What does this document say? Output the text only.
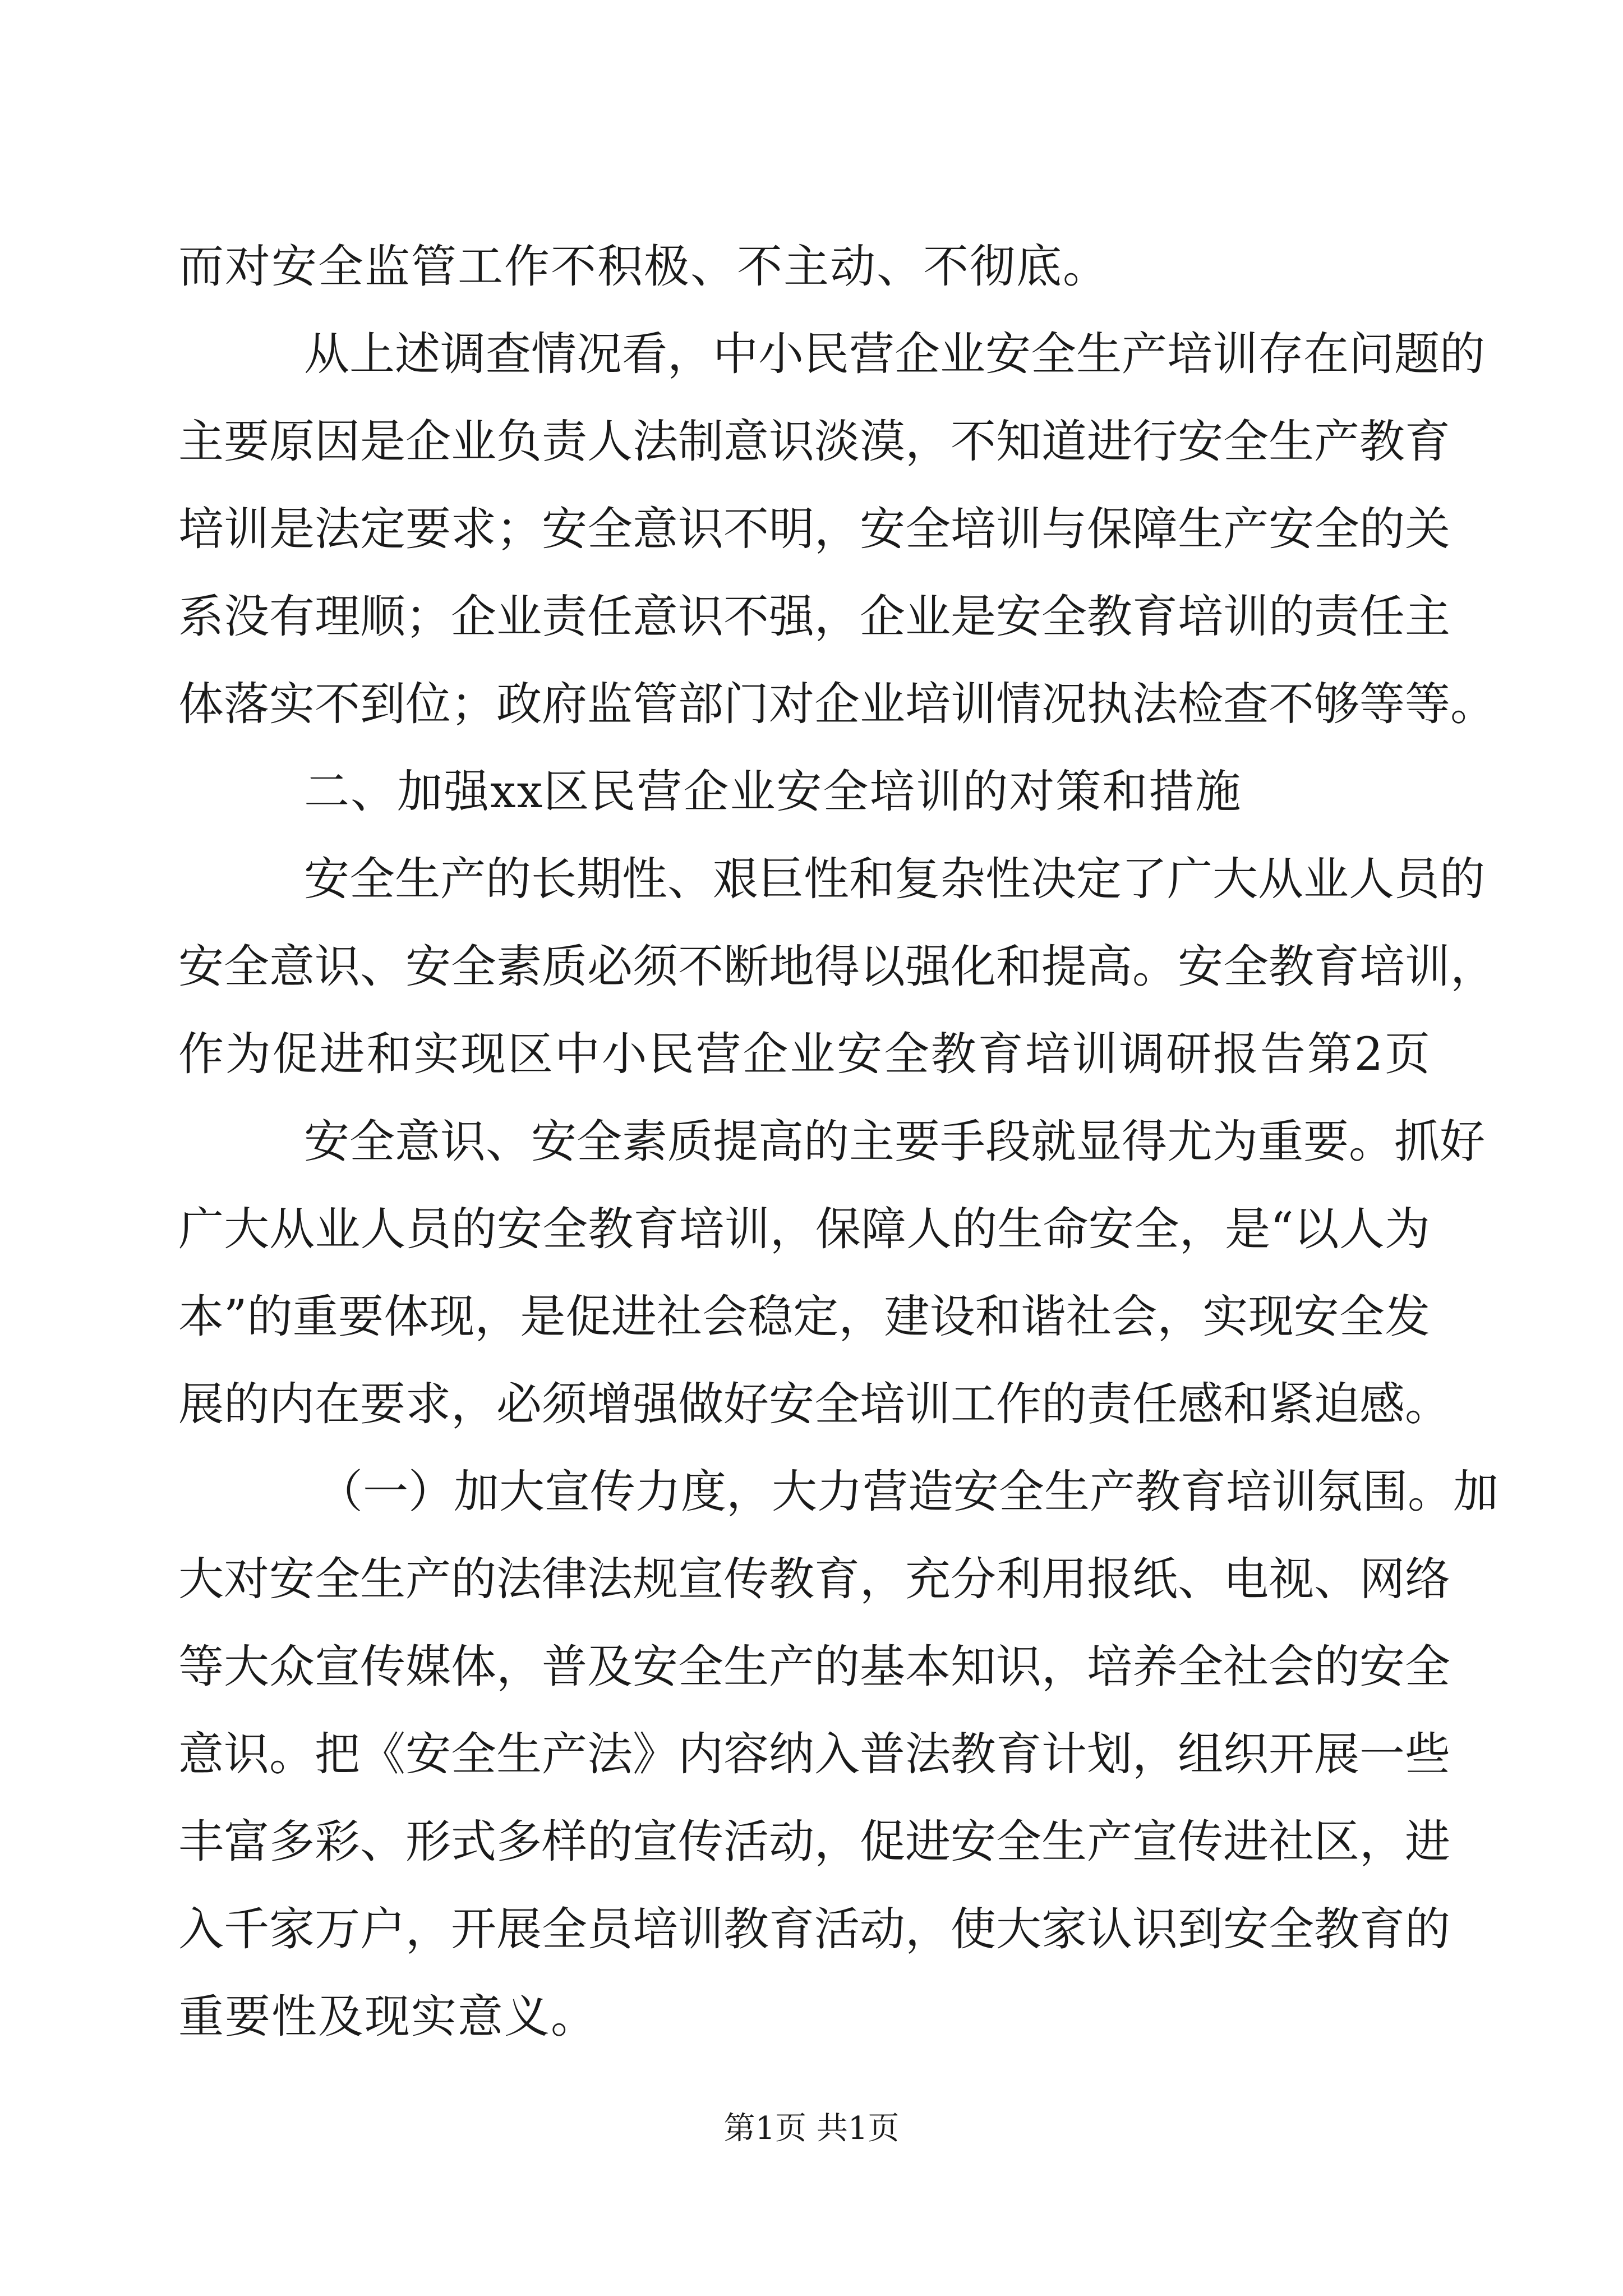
而对安全监管工作不积极、不主动、不彻底。
从上述调查情况看，中小民营企业安全生产培训存在问题的
主要原因是企业负责人法制意识淡漠，不知道进行安全生产教育
培训是法定要求；安全意识不明，安全培训与保障生产安全的关
系没有理顺；企业责任意识不强，企业是安全教育培训的责任主
体落实不到位；政府监管部门对企业培训情况执法检查不够等等。
二、加强xx区民营企业安全培训的对策和措施
安全生产的长期性、艰巨性和复杂性决定了广大从业人员的
安全意识、安全素质必须不断地得以强化和提高。安全教育培训，
作为促进和实现区中小民营企业安全教育培训调研报告第2页
安全意识、安全素质提高的主要手段就显得尤为重要。抓好
广大从业人员的安全教育培训，保障人的生命安全，是“以人为
本”的重要体现，是促进社会稳定，建设和谐社会，实现安全发
展的内在要求，必须增强做好安全培训工作的责任感和紧迫感。
（一）加大宣传力度，大力营造安全生产教育培训氛围。加
大对安全生产的法律法规宣传教育，充分利用报纸、电视、网络
等大众宣传媒体，普及安全生产的基本知识，培养全社会的安全
意识。把《安全生产法》内容纳入普法教育计划，组织开展一些
丰富多彩、形式多样的宣传活动，促进安全生产宣传进社区，进
入千家万户，开展全员培训教育活动，使大家认识到安全教育的
重要性及现实意义。
第1页 共1页
